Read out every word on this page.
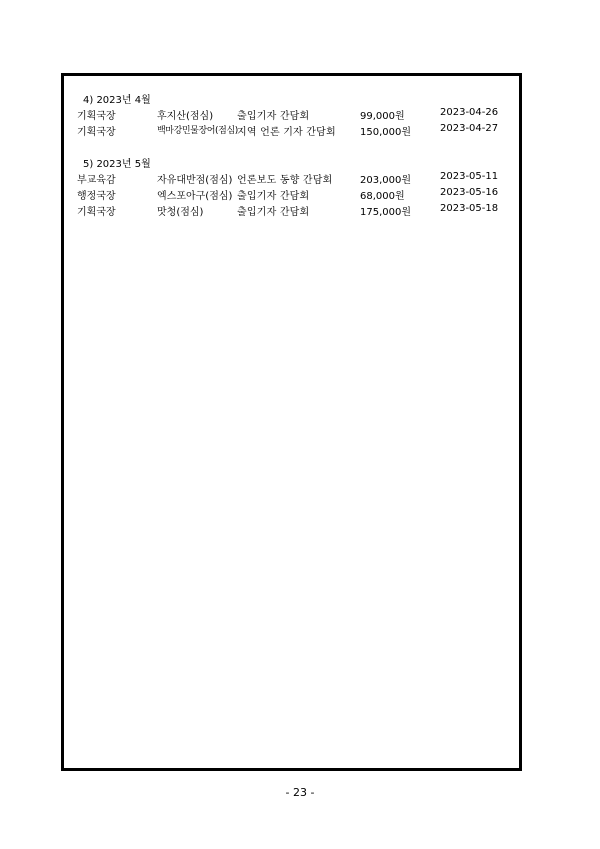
4) 2023년 4월
기획국장	후지산(점심) 출입기자 간담회	99,000원	2023-04-26
기획국장	백마강민물장어(점심) 지역 언론 기자 간담회 150,000원	2023-04-27
5) 2023년 5월
부교육감	자유대반점(점심) 언론보도 동향 간담회	203,000원	2023-05-11
행정국장	엑스포아구(점심) 출입기자 간담회	68,000원	2023-05-16
기획국장	맛청(점심)	출입기자 간담회	175,000원	2023-05-18
- 23 -
